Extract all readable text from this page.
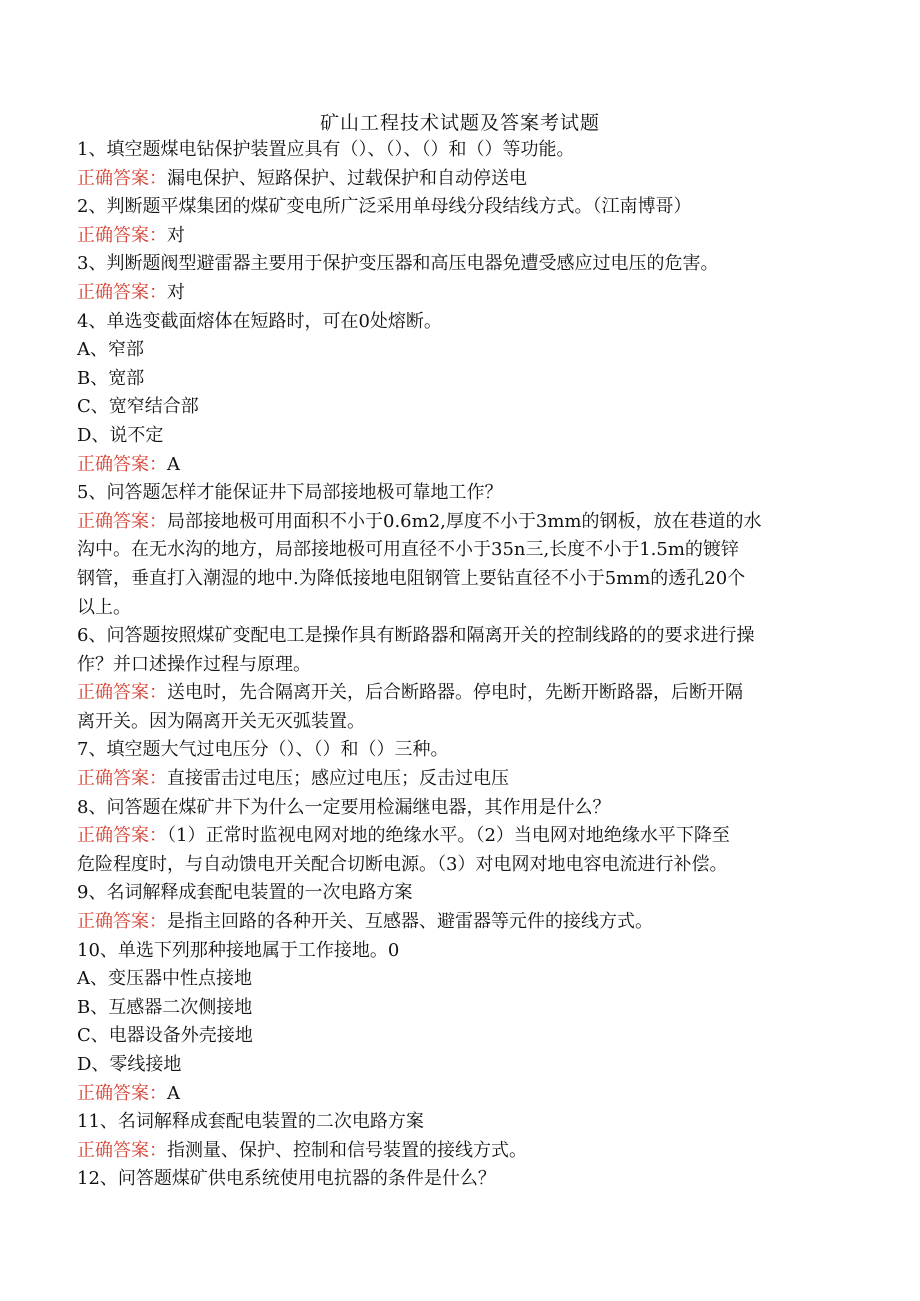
矿山工程技术试题及答案考试题
1、填空题煤电钻保护装置应具有（）、（）、（）和（）等功能。
正确答案：漏电保护、短路保护、过载保护和自动停送电
2、判断题平煤集团的煤矿变电所广泛采用单母线分段结线方式。（江南博哥）
正确答案：对
3、判断题阀型避雷器主要用于保护变压器和高压电器免遭受感应过电压的危害。
正确答案：对
4、单选变截面熔体在短路时，可在0处熔断。
A、窄部
B、宽部
C、宽窄结合部
D、说不定
正确答案：A
5、问答题怎样才能保证井下局部接地极可靠地工作？
正确答案：局部接地极可用面积不小于0.6m2,厚度不小于3mm的钢板，放在巷道的水
沟中。在无水沟的地方，局部接地极可用直径不小于35n三,长度不小于1.5m的镀锌
钢管，垂直打入潮湿的地中.为降低接地电阻钢管上要钻直径不小于5mm的透孔20个
以上。
6、问答题按照煤矿变配电工是操作具有断路器和隔离开关的控制线路的的要求进行操
作？并口述操作过程与原理。
正确答案：送电时，先合隔离开关，后合断路器。停电时，先断开断路器，后断开隔
离开关。因为隔离开关无灭弧装置。
7、填空题大气过电压分（）、（）和（）三种。
正确答案：直接雷击过电压；感应过电压；反击过电压
8、问答题在煤矿井下为什么一定要用检漏继电器，其作用是什么？
正确答案：（1）正常时监视电网对地的绝缘水平。（2）当电网对地绝缘水平下降至
危险程度时，与自动馈电开关配合切断电源。（3）对电网对地电容电流进行补偿。
9、名词解释成套配电装置的一次电路方案
正确答案：是指主回路的各种开关、互感器、避雷器等元件的接线方式。
10、单选下列那种接地属于工作接地。0
A、变压器中性点接地
B、互感器二次侧接地
C、电器设备外壳接地
D、零线接地
正确答案：A
11、名词解释成套配电装置的二次电路方案
正确答案：指测量、保护、控制和信号装置的接线方式。
12、问答题煤矿供电系统使用电抗器的条件是什么？
